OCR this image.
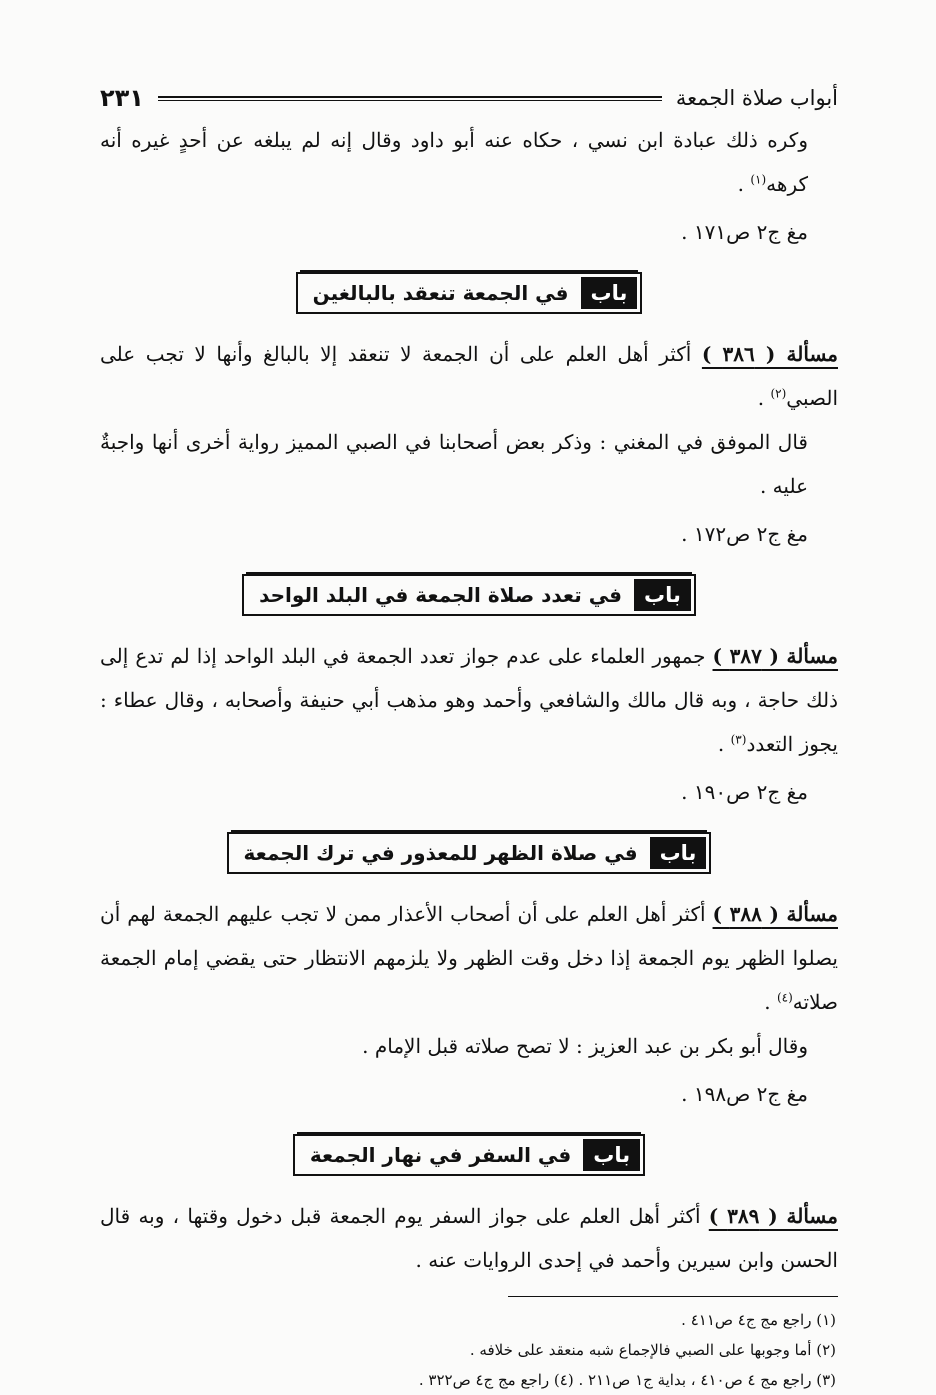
أبواب صلاة الجمعة
٢٣١

وكره ذلك عبادة ابن نسي ، حكاه عنه أبو داود وقال إنه لم يبلغه عن أحدٍ غيره أنه كرهه$^{(١)}$ .

مغ ج٢ ص١٧١ .

باب
في الجمعة تنعقد بالبالغين

مسألة ( ٣٨٦ ) أكثر أهل العلم على أن الجمعة لا تنعقد إلا بالبالغ وأنها لا تجب على الصبي$^{(٢)}$ .

قال الموفق في المغني : وذكر بعض أصحابنا في الصبي المميز رواية أخرى أنها واجبةٌ عليه .

مغ ج٢ ص١٧٢ .

باب
في تعدد صلاة الجمعة في البلد الواحد

مسألة ( ٣٨٧ ) جمهور العلماء على عدم جواز تعدد الجمعة في البلد الواحد إذا لم تدع إلى ذلك حاجة ، وبه قال مالك والشافعي وأحمد وهو مذهب أبي حنيفة وأصحابه ، وقال عطاء : يجوز التعدد$^{(٣)}$ .

مغ ج٢ ص١٩٠ .

باب
في صلاة الظهر للمعذور في ترك الجمعة

مسألة ( ٣٨٨ ) أكثر أهل العلم على أن أصحاب الأعذار ممن لا تجب عليهم الجمعة لهم أن يصلوا الظهر يوم الجمعة إذا دخل وقت الظهر ولا يلزمهم الانتظار حتى يقضي إمام الجمعة صلاته$^{(٤)}$ .

وقال أبو بكر بن عبد العزيز : لا تصح صلاته قبل الإمام .

مغ ج٢ ص١٩٨ .

باب
في السفر في نهار الجمعة

مسألة ( ٣٨٩ ) أكثر أهل العلم على جواز السفر يوم الجمعة قبل دخول وقتها ، وبه قال الحسن وابن سيرين وأحمد في إحدى الروايات عنه .

(١) راجع مج ج٤ ص٤١١ .

(٢) أما وجوبها على الصبي فالإجماع شبه منعقد على خلافه .

(٣) راجع مج ٤ ص٤١٠ ، بداية ج١ ص٢١١ . (٤) راجع مج ج٤ ص٣٢٢ .
